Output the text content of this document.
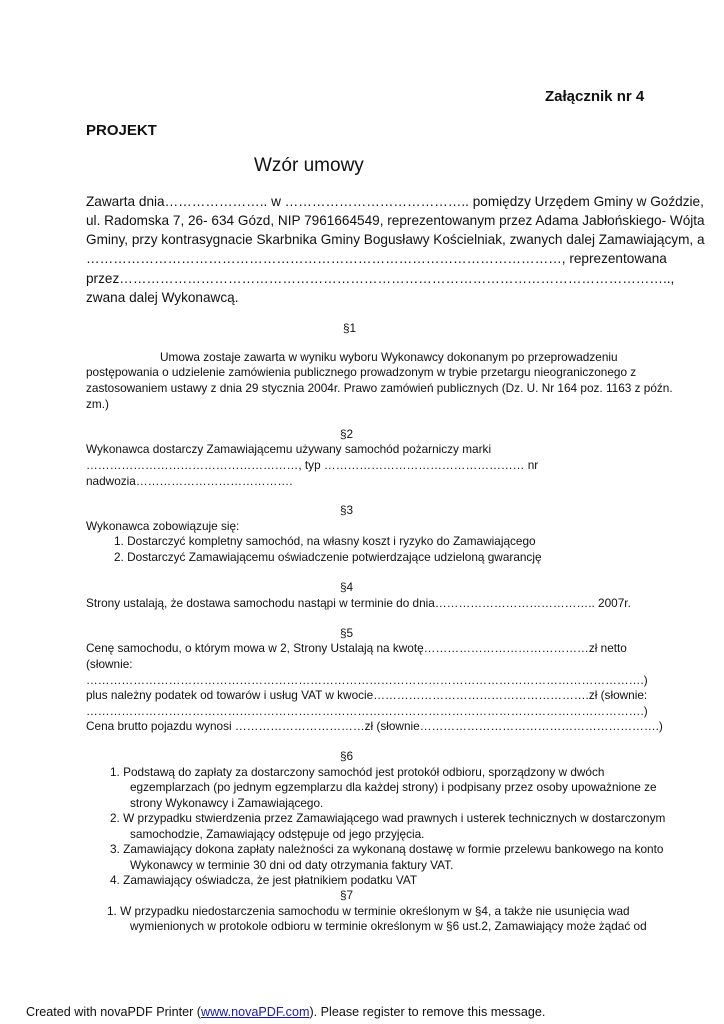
Załącznik nr 4
PROJEKT
Wzór umowy
Zawarta dnia………………….. w ………………………………….. pomiędzy Urzędem Gminy w Goździe,
ul. Radomska 7, 26- 634 Gózd, NIP 7961664549, reprezentowanym przez Adama Jabłońskiego- Wójta
Gminy, przy kontrasygnacie Skarbnika Gminy Bogusławy Kościelniak, zwanych dalej Zamawiającym, a
……………………………………………………………………………………………, reprezentowana
przez…………………………………………………………………………………………………………..,
zwana dalej Wykonawcą.
§1
Umowa zostaje zawarta w wyniku wyboru Wykonawcy dokonanym po przeprowadzeniu
postępowania o udzielenie zamówienia publicznego prowadzonym w trybie przetargu nieograniczonego z
zastosowaniem ustawy z dnia 29 stycznia 2004r. Prawo zamówień publicznych (Dz. U. Nr 164 poz. 1163 z późn.
zm.)
§2
Wykonawca dostarczy Zamawiającemu używany samochód pożarniczy marki
………………………………………………, typ …………………………………………… nr
nadwozia………………………………….
§3
Wykonawca zobowiązuje się:
1. Dostarczyć kompletny samochód, na własny koszt i ryzyko do Zamawiającego
2. Dostarczyć Zamawiającemu oświadczenie potwierdzające udzieloną gwarancję
§4
Strony ustalają, że dostawa samochodu nastąpi w terminie do dnia………………………………….. 2007r.
§5
Cenę samochodu, o którym mowa w 2, Strony Ustalają na kwotę……………………………………zł netto
(słownie:
…………………………………………………………………………………………………………………………….)
plus należny podatek od towarów i usług VAT w kwocie……………………………………………….zł (słownie:
…………………………………………………………………………………………………………………………….)
Cena brutto pojazdu wynosi ……………………………zł (słownie…………………………………………………….)
§6
1. Podstawą do zapłaty za dostarczony samochód jest protokół odbioru, sporządzony w dwóch
egzemplarzach (po jednym egzemplarzu dla każdej strony) i podpisany przez osoby upoważnione ze
strony Wykonawcy i Zamawiającego.
2. W przypadku stwierdzenia przez Zamawiającego wad prawnych i usterek technicznych w dostarczonym
samochodzie, Zamawiający odstępuje od jego przyjęcia.
3. Zamawiający dokona zapłaty należności za wykonaną dostawę w formie przelewu bankowego na konto
Wykonawcy w terminie 30 dni od daty otrzymania faktury VAT.
4. Zamawiający oświadcza, że jest płatnikiem podatku VAT
§7
1. W przypadku niedostarczenia samochodu w terminie określonym w §4, a także nie usunięcia wad
wymienionych w protokole odbioru w terminie określonym w §6 ust.2, Zamawiający może żądać od
Created with novaPDF Printer (www.novaPDF.com). Please register to remove this message.
